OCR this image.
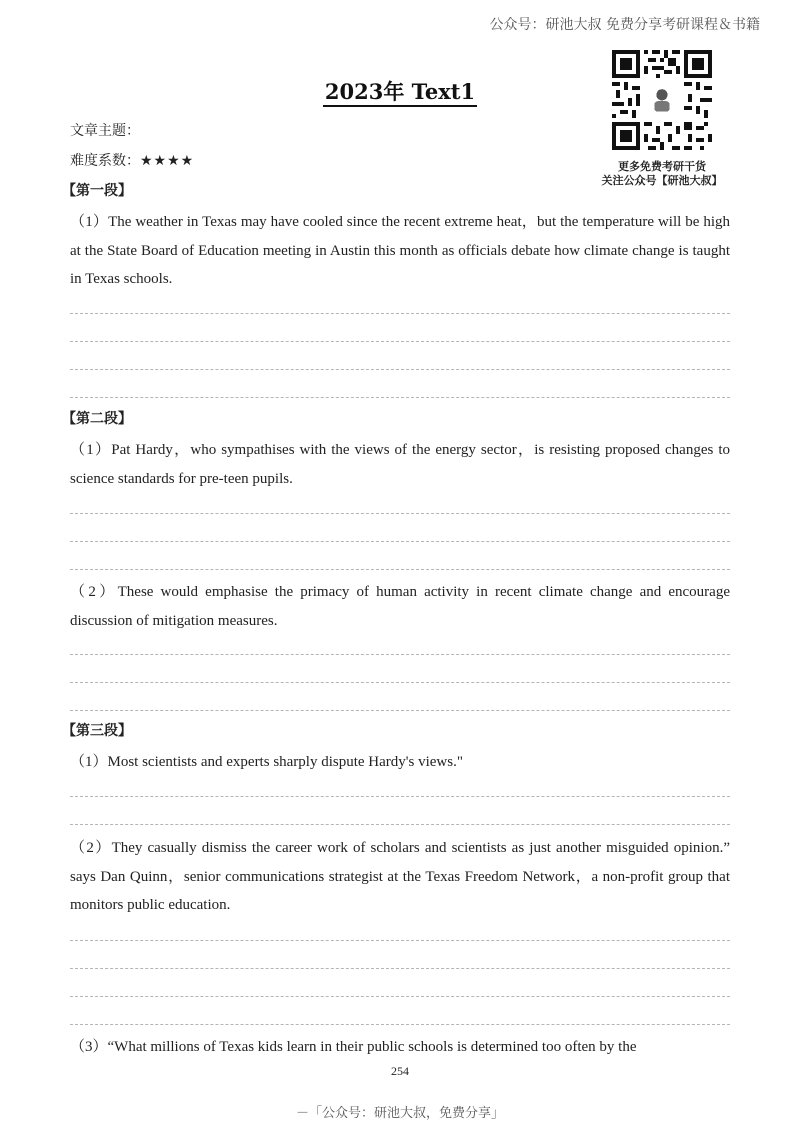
公众号：研池大叔 免费分享考研课程＆书籍
2023年 Text1
更多免费考研干货
关注公众号【研池大叔】
文章主题：
难度系数：★★★★
【第一段】
（1）The weather in Texas may have cooled since the recent extreme heat，but the temperature will be high at the State Board of Education meeting in Austin this month as officials debate how climate change is taught in Texas schools.
【第二段】
（1）Pat Hardy，who sympathises with the views of the energy sector，is resisting proposed changes to science standards for pre-teen pupils.
（2）These would emphasise the primacy of human activity in recent climate change and encourage discussion of mitigation measures.
【第三段】
（1）Most scientists and experts sharply dispute Hardy's views."
（2）They casually dismiss the career work of scholars and scientists as just another misguided opinion.” says Dan Quinn，senior communications strategist at the Texas Freedom Network，a non-profit group that monitors public education.
（3）“What millions of Texas kids learn in their public schools is determined too often by the
254
－「公众号：研池大叔，免费分享」
